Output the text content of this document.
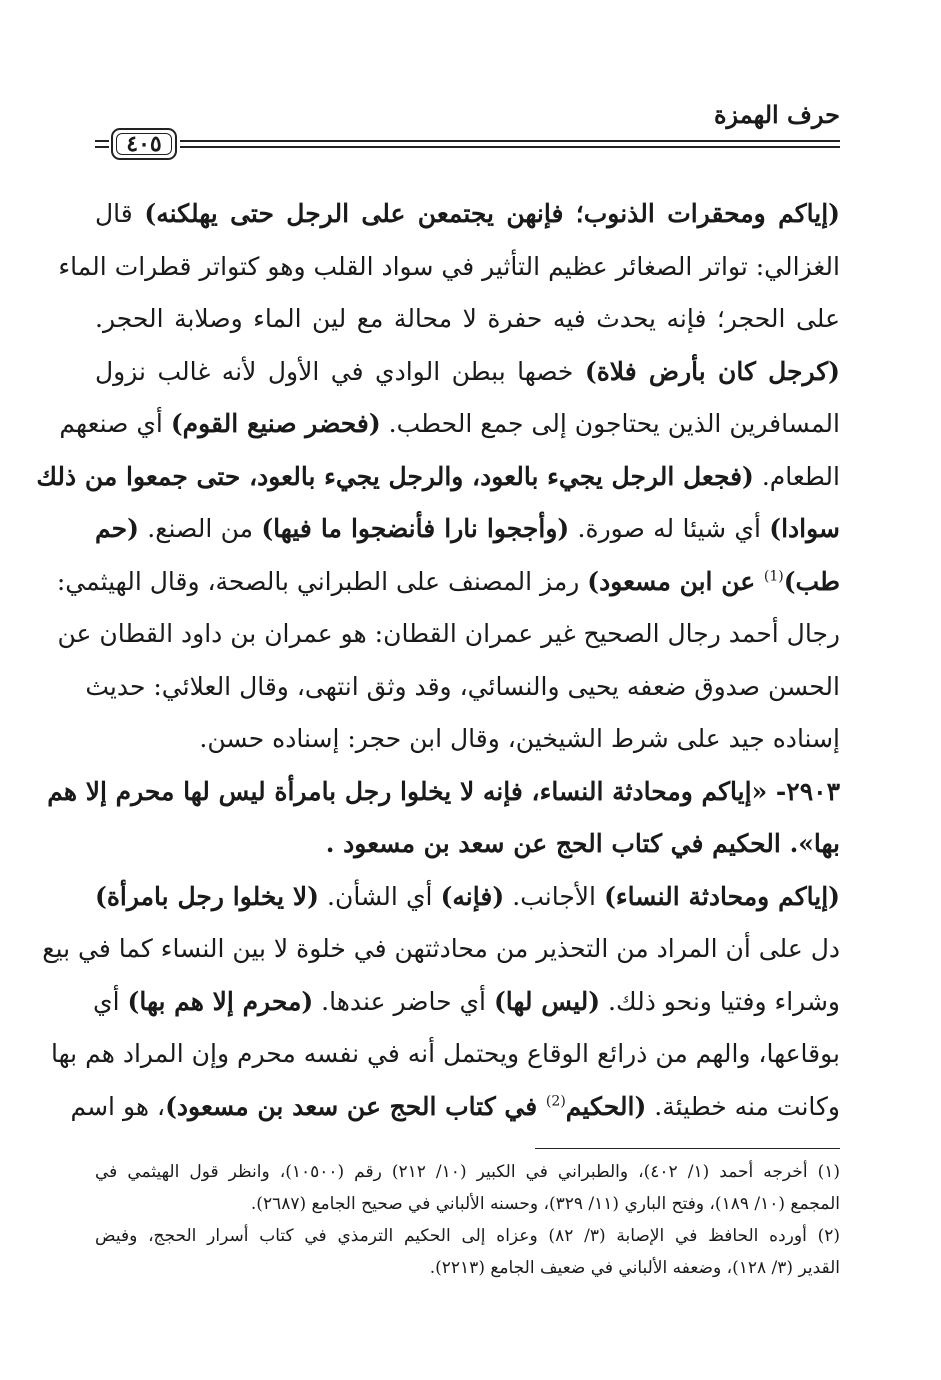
حرف الهمزة
٤٠٥
(إياكم ومحقرات الذنوب؛ فإنهن يجتمعن على الرجل حتى يهلكنه) قال
الغزالي: تواتر الصغائر عظيم التأثير في سواد القلب وهو كتواتر قطرات الماء
على الحجر؛ فإنه يحدث فيه حفرة لا محالة مع لين الماء وصلابة الحجر.
(كرجل كان بأرض فلاة) خصها ببطن الوادي في الأول لأنه غالب نزول
المسافرين الذين يحتاجون إلى جمع الحطب. (فحضر صنيع القوم) أي صنعهم
الطعام. (فجعل الرجل يجيء بالعود، والرجل يجيء بالعود، حتى جمعوا من ذلك
سوادا) أي شيئا له صورة. (وأججوا نارا فأنضجوا ما فيها) من الصنع. (حم
طب)$^{(1)}$ عن ابن مسعود) رمز المصنف على الطبراني بالصحة، وقال الهيثمي:
رجال أحمد رجال الصحيح غير عمران القطان: هو عمران بن داود القطان عن
الحسن صدوق ضعفه يحيى والنسائي، وقد وثق انتهى، وقال العلائي: حديث
إسناده جيد على شرط الشيخين، وقال ابن حجر: إسناده حسن.
٢٩٠٣- «إياكم ومحادثة النساء، فإنه لا يخلوا رجل بامرأة ليس لها محرم إلا هم
بها». الحكيم في كتاب الحج عن سعد بن مسعود .
(إياكم ومحادثة النساء) الأجانب. (فإنه) أي الشأن. (لا يخلوا رجل بامرأة)
دل على أن المراد من التحذير من محادثتهن في خلوة لا بين النساء كما في بيع
وشراء وفتيا ونحو ذلك. (ليس لها) أي حاضر عندها. (محرم إلا هم بها) أي
بوقاعها، والهم من ذرائع الوقاع ويحتمل أنه في نفسه محرم وإن المراد هم بها
وكانت منه خطيئة. (الحكيم$^{(2)}$ في كتاب الحج عن سعد بن مسعود)، هو اسم
(١) أخرجه أحمد (١/ ٤٠٢)، والطبراني في الكبير (١٠/ ٢١٢) رقم (١٠٥٠٠)، وانظر قول الهيثمي في
المجمع (١٠/ ١٨٩)، وفتح الباري (١١/ ٣٢٩)، وحسنه الألباني في صحيح الجامع (٢٦٨٧).
(٢) أورده الحافظ في الإصابة (٣/ ٨٢) وعزاه إلى الحكيم الترمذي في كتاب أسرار الحجج، وفيض
القدير (٣/ ١٢٨)، وضعفه الألباني في ضعيف الجامع (٢٢١٣).
